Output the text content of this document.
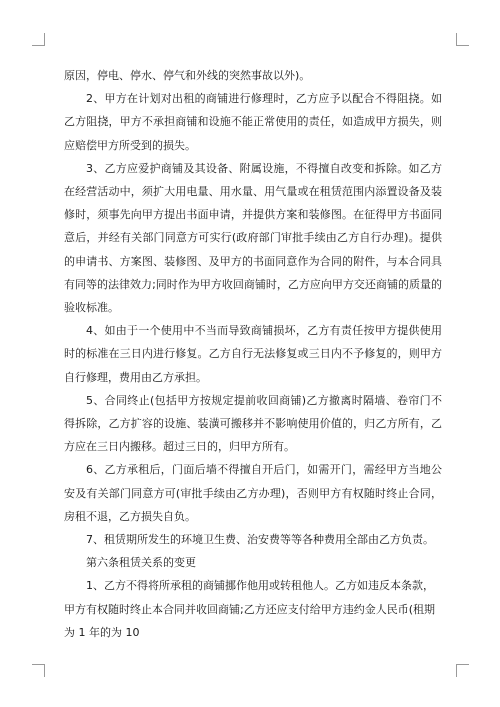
原因，停电、停水、停气和外线的突然事故以外)。

2、甲方在计划对出租的商铺进行修理时，乙方应予以配合不得阻挠。如乙方阻挠，甲方不承担商铺和设施不能正常使用的责任，如造成甲方损失，则应赔偿甲方所受到的损失。

3、乙方应爱护商铺及其设备、附属设施，不得擅自改变和拆除。如乙方在经营活动中，须扩大用电量、用水量、用气量或在租赁范围内添置设备及装修时，须事先向甲方提出书面申请，并提供方案和装修图。在征得甲方书面同意后，并经有关部门同意方可实行(政府部门审批手续由乙方自行办理)。提供的申请书、方案图、装修图、及甲方的书面同意作为合同的附件，与本合同具有同等的法律效力;同时作为甲方收回商铺时，乙方应向甲方交还商铺的质量的验收标准。

4、如由于一个使用中不当而导致商铺损坏，乙方有责任按甲方提供使用时的标准在三日内进行修复。乙方自行无法修复或三日内不予修复的，则甲方自行修理，费用由乙方承担。

5、合同终止(包括甲方按规定提前收回商铺)乙方撤离时隔墙、卷帘门不得拆除，乙方扩容的设施、装潢可搬移并不影响使用价值的，归乙方所有，乙方应在三日内搬移。超过三日的，归甲方所有。

6、乙方承租后，门面后墙不得擅自开后门，如需开门，需经甲方当地公安及有关部门同意方可(审批手续由乙方办理)，否则甲方有权随时终止合同，房租不退，乙方损失自负。

7、租赁期所发生的环境卫生费、治安费等等各种费用全部由乙方负责。

第六条租赁关系的变更

1、乙方不得将所承租的商铺挪作他用或转租他人。乙方如违反本条款，甲方有权随时终止本合同并收回商铺;乙方还应支付给甲方违约金人民币(租期为 1 年的为 10
